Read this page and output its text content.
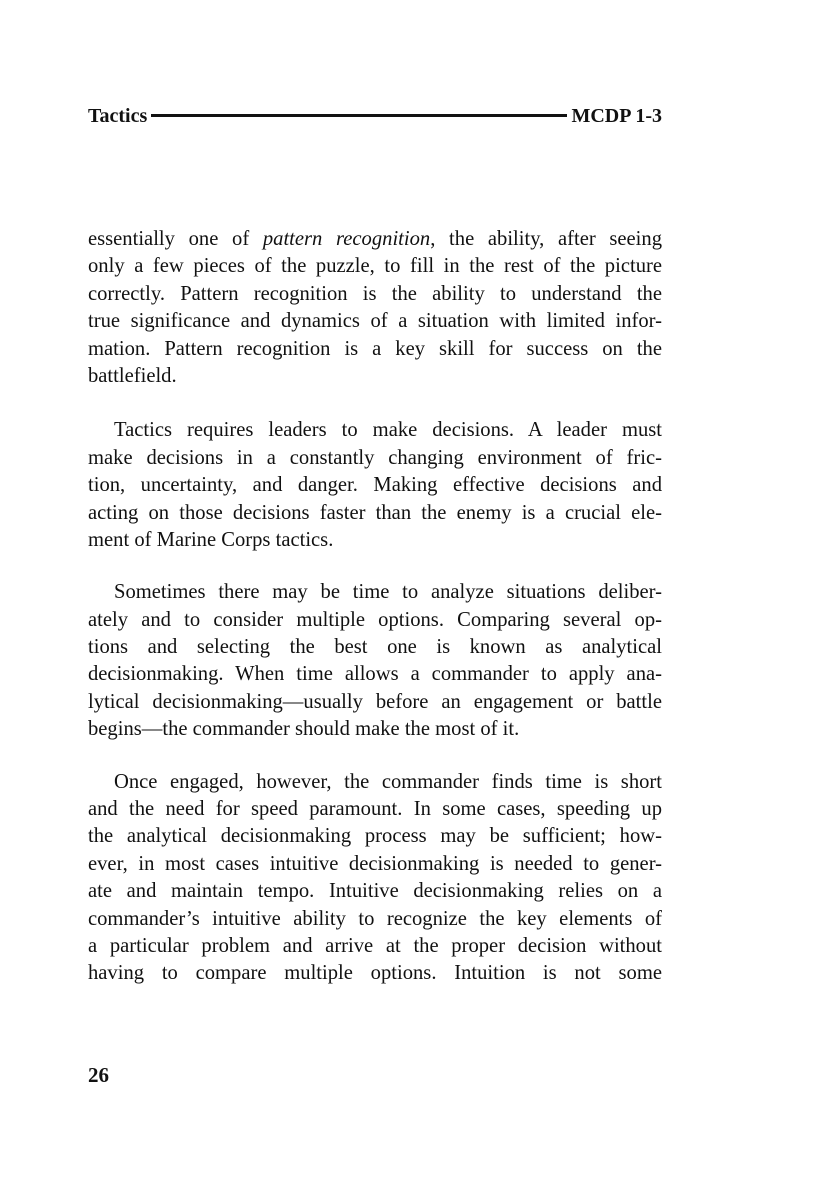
Tactics	MCDP 1-3
essentially one of pattern recognition, the ability, after seeing
only a few pieces of the puzzle, to fill in the rest of the picture
correctly. Pattern recognition is the ability to understand the
true significance and dynamics of a situation with limited infor-
mation. Pattern recognition is a key skill for success on the
battlefield.
Tactics requires leaders to make decisions. A leader must
make decisions in a constantly changing environment of fric-
tion, uncertainty, and danger. Making effective decisions and
acting on those decisions faster than the enemy is a crucial ele-
ment of Marine Corps tactics.
Sometimes there may be time to analyze situations deliber-
ately and to consider multiple options. Comparing several op-
tions and selecting the best one is known as analytical
decisionmaking. When time allows a commander to apply ana-
lytical decisionmaking—usually before an engagement or battle
begins—the commander should make the most of it.
Once engaged, however, the commander finds time is short
and the need for speed paramount. In some cases, speeding up
the analytical decisionmaking process may be sufficient; how-
ever, in most cases intuitive decisionmaking is needed to gener-
ate and maintain tempo. Intuitive decisionmaking relies on a
commander’s intuitive ability to recognize the key elements of
a particular problem and arrive at the proper decision without
having to compare multiple options. Intuition is not some
26
